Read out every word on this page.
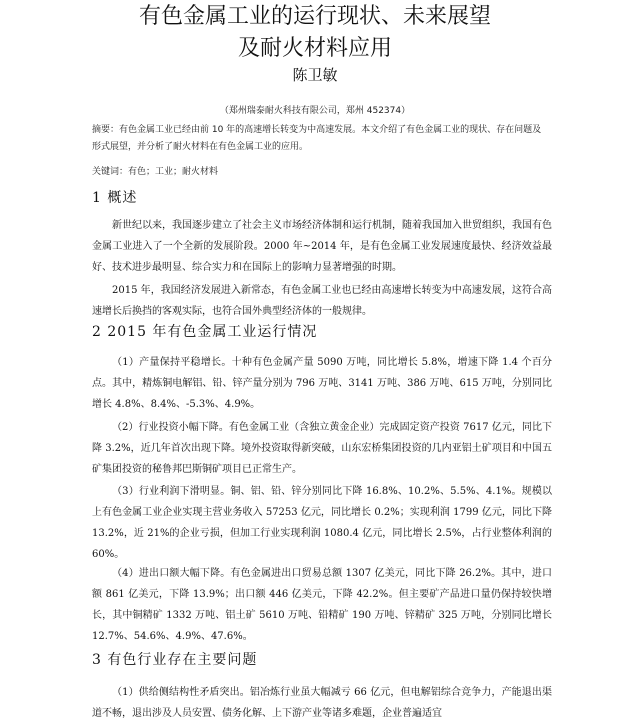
有色金属工业的运行现状、未来展望
及耐火材料应用
陈卫敏
（郑州瑞泰耐火科技有限公司，郑州 452374）
摘要：有色金属工业已经由前 10 年的高速增长转变为中高速发展。本文介绍了有色金属工业的现状、存在问题及形式展望，并分析了耐火材料在有色金属工业的应用。
关键词：有色；工业；耐火材料
1 概述
新世纪以来，我国逐步建立了社会主义市场经济体制和运行机制，随着我国加入世贸组织，我国有色金属工业进入了一个全新的发展阶段。2000 年~2014 年，是有色金属工业发展速度最快、经济效益最好、技术进步最明显、综合实力和在国际上的影响力显著增强的时期。
2015 年，我国经济发展进入新常态，有色金属工业也已经由高速增长转变为中高速发展，这符合高速增长后换挡的客观实际，也符合国外典型经济体的一般规律。
2 2015 年有色金属工业运行情况
（1）产量保持平稳增长。十种有色金属产量 5090 万吨，同比增长 5.8%，增速下降 1.4 个百分点。其中，精炼铜电解铝、铅、锌产量分别为 796 万吨、3141 万吨、386 万吨、615 万吨，分别同比增长 4.8%、8.4%、-5.3%、4.9%。
（2）行业投资小幅下降。有色金属工业（含独立黄金企业）完成固定资产投资 7617 亿元，同比下降 3.2%，近几年首次出现下降。境外投资取得新突破，山东宏桥集团投资的几内亚铝土矿项目和中国五矿集团投资的秘鲁邦巴斯铜矿项目已正常生产。
（3）行业利润下滑明显。铜、铝、铅、锌分别同比下降 16.8%、10.2%、5.5%、4.1%。规模以上有色金属工业企业实现主营业务收入 57253 亿元，同比增长 0.2%；实现利润 1799 亿元，同比下降 13.2%，近 21%的企业亏损，但加工行业实现利润 1080.4 亿元，同比增长 2.5%，占行业整体利润的 60%。
（4）进出口额大幅下降。有色金属进出口贸易总额 1307 亿美元，同比下降 26.2%。其中，进口额 861 亿美元，下降 13.9%；出口额 446 亿美元，下降 42.2%。但主要矿产品进口量仍保持较快增长，其中铜精矿 1332 万吨、铝土矿 5610 万吨、铅精矿 190 万吨、锌精矿 325 万吨，分别同比增长 12.7%、54.6%、4.9%、47.6%。
3 有色行业存在主要问题
（1）供给侧结构性矛盾突出。铝冶炼行业虽大幅减亏 66 亿元，但电解铝综合竞争力，产能退出渠道不畅，退出涉及人员安置、债务化解、上下游产业等诸多难题，企业普遍适宜
